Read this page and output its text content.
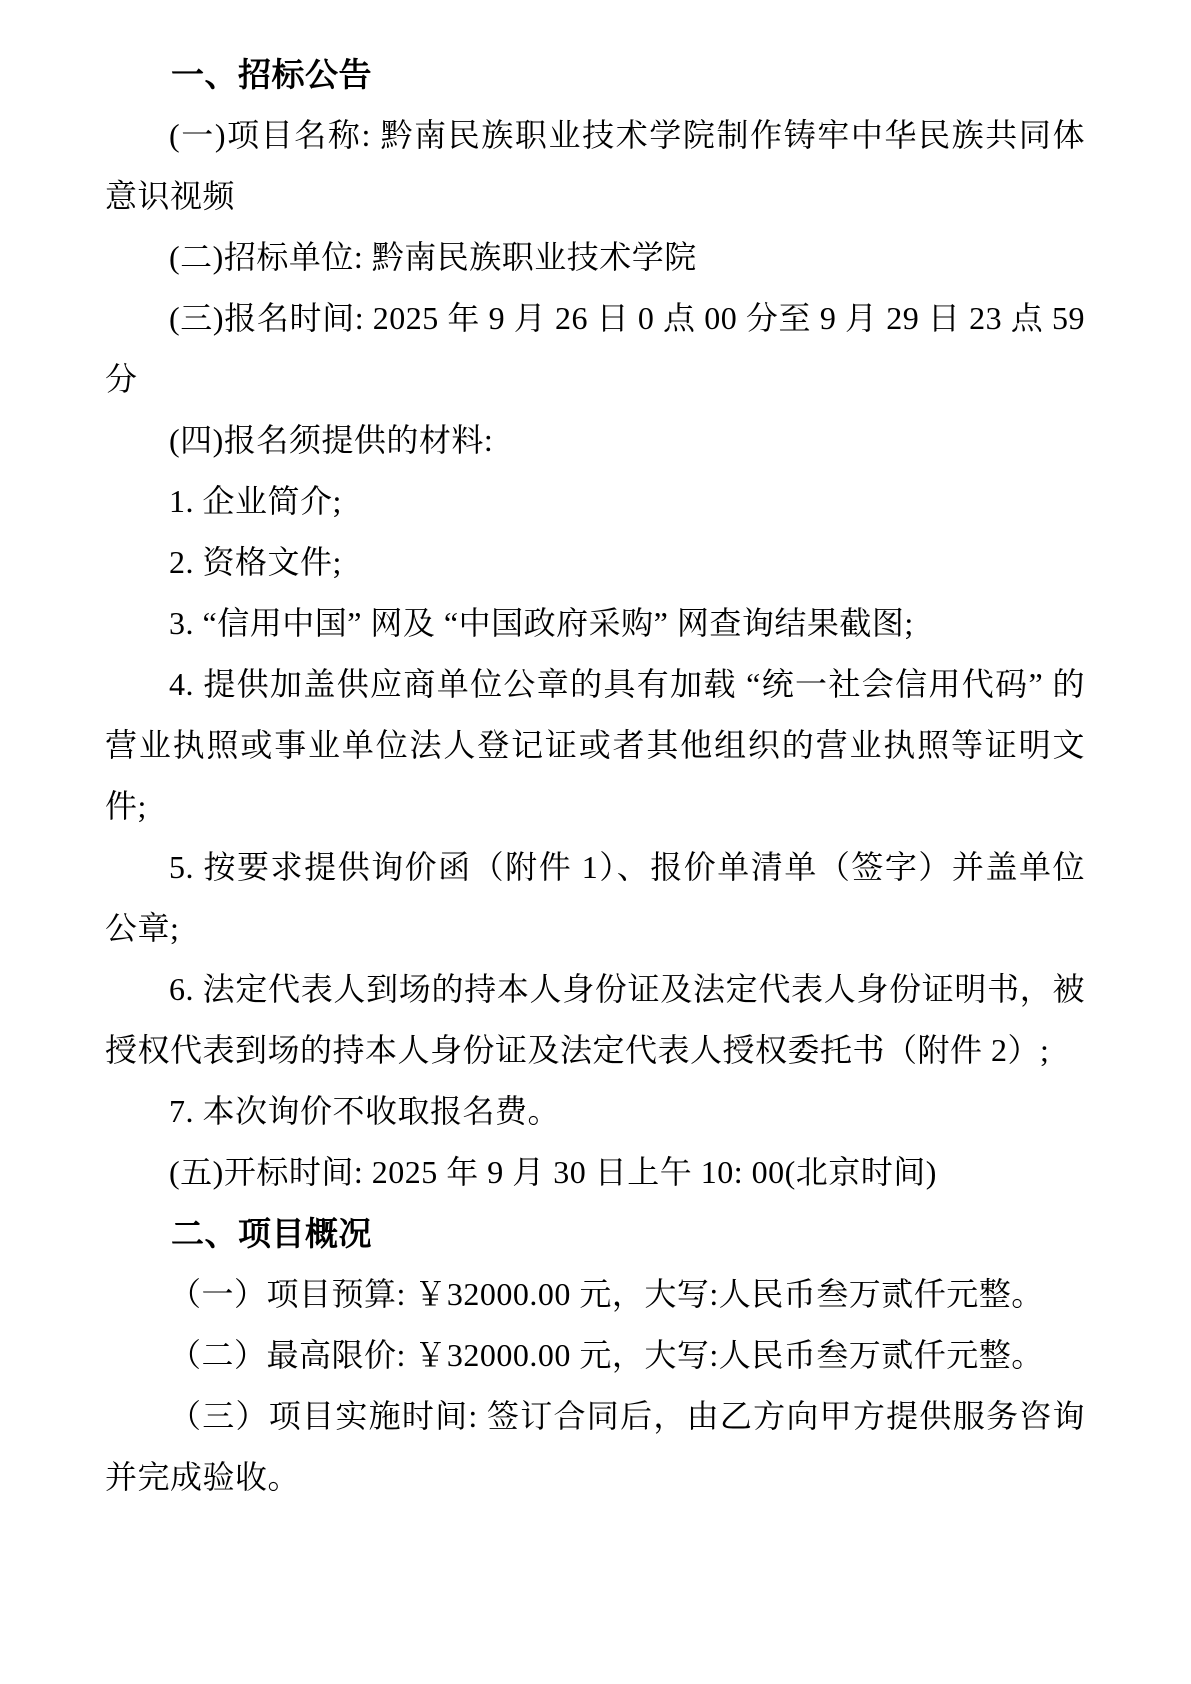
一、招标公告

(一)项目名称: 黔南民族职业技术学院制作铸牢中华民族共同体意识视频

(二)招标单位: 黔南民族职业技术学院

(三)报名时间: 2025 年 9 月 26 日 0 点 00 分至 9 月 29 日 23 点 59 分

(四)报名须提供的材料:

1. 企业简介;

2. 资格文件;

3. “信用中国” 网及 “中国政府采购” 网查询结果截图;

4. 提供加盖供应商单位公章的具有加载 “统一社会信用代码” 的营业执照或事业单位法人登记证或者其他组织的营业执照等证明文件;

5. 按要求提供询价函（附件 1）、报价单清单（签字）并盖单位公章;

6. 法定代表人到场的持本人身份证及法定代表人身份证明书，被授权代表到场的持本人身份证及法定代表人授权委托书（附件 2）;

7. 本次询价不收取报名费。

(五)开标时间: 2025 年 9 月 30 日上午 10: 00(北京时间)

二、项目概况

（一）项目预算: ￥32000.00 元，大写:人民币叁万贰仟元整。

（二）最高限价: ￥32000.00 元，大写:人民币叁万贰仟元整。

（三）项目实施时间: 签订合同后，由乙方向甲方提供服务咨询并完成验收。
